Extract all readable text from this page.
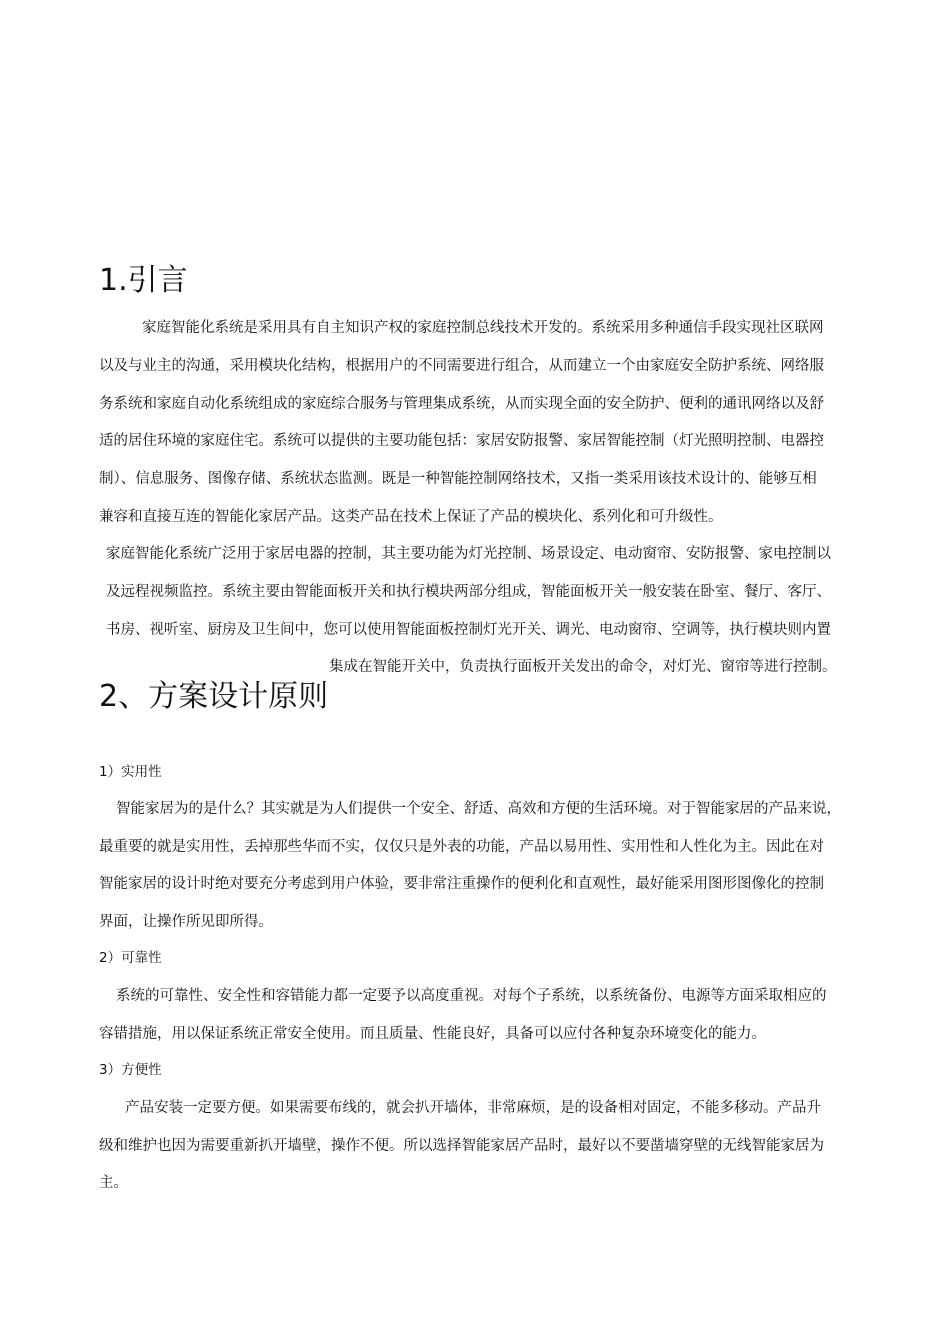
1.引言

家庭智能化系统是采用具有自主知识产权的家庭控制总线技术开发的。系统采用多种通信手段实现社区联网

以及与业主的沟通，采用模块化结构，根据用户的不同需要进行组合，从而建立一个由家庭安全防护系统、网络服

务系统和家庭自动化系统组成的家庭综合服务与管理集成系统，从而实现全面的安全防护、便利的通讯网络以及舒

适的居住环境的家庭住宅。系统可以提供的主要功能包括：家居安防报警、家居智能控制（灯光照明控制、电器控

制）、信息服务、图像存储、系统状态监测。既是一种智能控制网络技术，又指一类采用该技术设计的、能够互相

兼容和直接互连的智能化家居产品。这类产品在技术上保证了产品的模块化、系列化和可升级性。

家庭智能化系统广泛用于家居电器的控制，其主要功能为灯光控制、场景设定、电动窗帘、安防报警、家电控制以

及远程视频监控。系统主要由智能面板开关和执行模块两部分组成，智能面板开关一般安装在卧室、餐厅、客厅、

书房、视听室、厨房及卫生间中，您可以使用智能面板控制灯光开关、调光、电动窗帘、空调等，执行模块则内置

集成在智能开关中，负责执行面板开关发出的命令，对灯光、窗帘等进行控制。

2、方案设计原则

1）实用性

智能家居为的是什么？其实就是为人们提供一个安全、舒适、高效和方便的生活环境。对于智能家居的产品来说，

最重要的就是实用性，丢掉那些华而不实，仅仅只是外表的功能，产品以易用性、实用性和人性化为主。因此在对

智能家居的设计时绝对要充分考虑到用户体验，要非常注重操作的便利化和直观性，最好能采用图形图像化的控制

界面，让操作所见即所得。

2）可靠性

系统的可靠性、安全性和容错能力都一定要予以高度重视。对每个子系统，以系统备份、电源等方面采取相应的

容错措施，用以保证系统正常安全使用。而且质量、性能良好，具备可以应付各种复杂环境变化的能力。

3）方便性

产品安装一定要方便。如果需要布线的，就会扒开墙体，非常麻烦，是的设备相对固定，不能多移动。产品升

级和维护也因为需要重新扒开墙壁，操作不便。所以选择智能家居产品时，最好以不要凿墙穿壁的无线智能家居为

主。
